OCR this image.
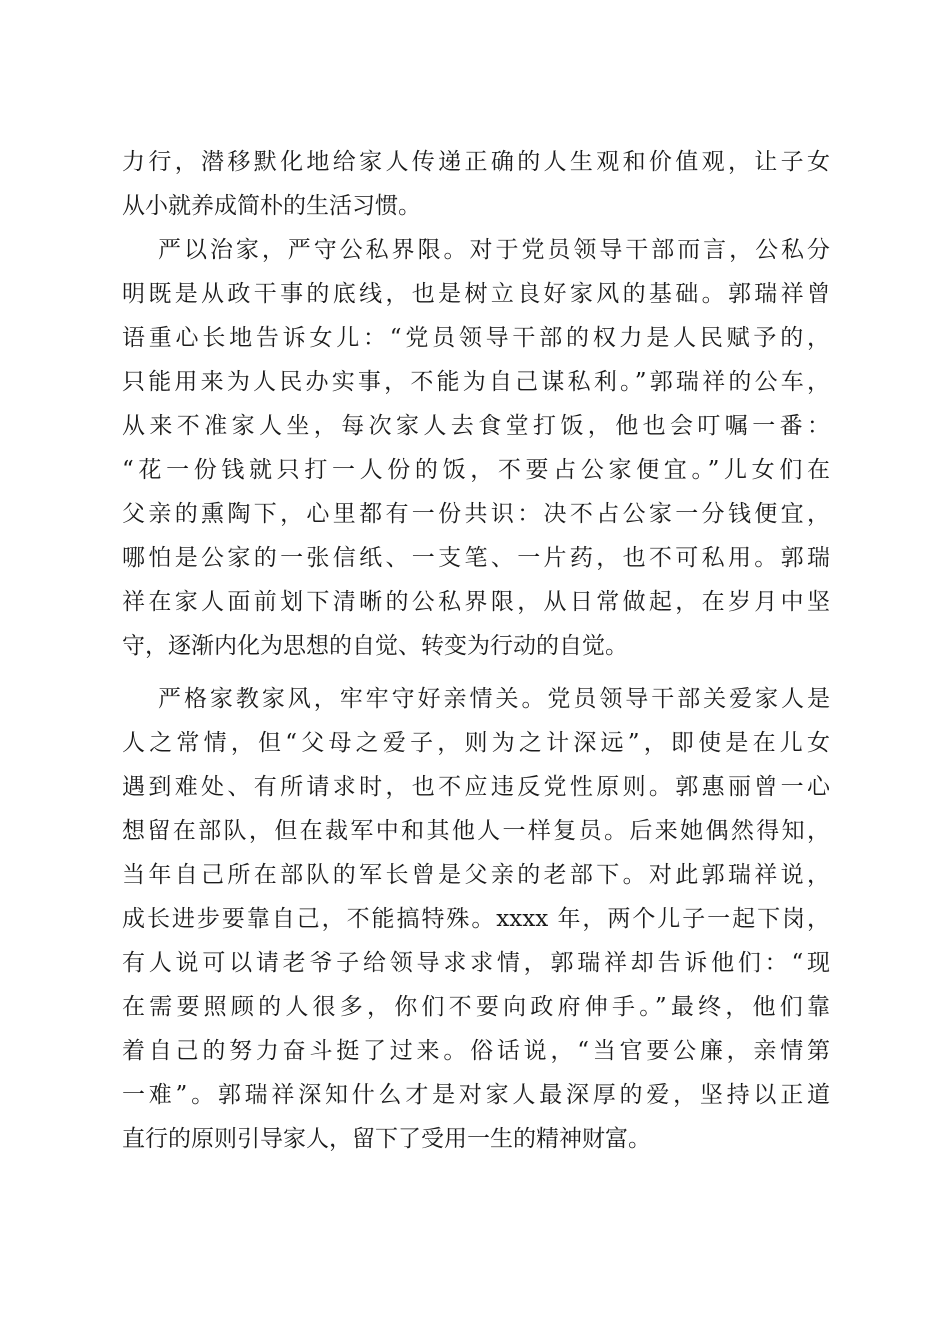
力行，潜移默化地给家人传递正确的人生观和价值观，让子女
从小就养成简朴的生活习惯。
严以治家，严守公私界限。对于党员领导干部而言，公私分
明既是从政干事的底线，也是树立良好家风的基础。郭瑞祥曾
语重心长地告诉女儿：“党员领导干部的权力是人民赋予的，
只能用来为人民办实事，不能为自己谋私利。”郭瑞祥的公车，
从来不准家人坐，每次家人去食堂打饭，他也会叮嘱一番：
“花一份钱就只打一人份的饭，不要占公家便宜。”儿女们在
父亲的熏陶下，心里都有一份共识：决不占公家一分钱便宜，
哪怕是公家的一张信纸、一支笔、一片药，也不可私用。郭瑞
祥在家人面前划下清晰的公私界限，从日常做起，在岁月中坚
守，逐渐内化为思想的自觉、转变为行动的自觉。
严格家教家风，牢牢守好亲情关。党员领导干部关爱家人是
人之常情，但“父母之爱子，则为之计深远”，即使是在儿女
遇到难处、有所请求时，也不应违反党性原则。郭惠丽曾一心
想留在部队，但在裁军中和其他人一样复员。后来她偶然得知，
当年自己所在部队的军长曾是父亲的老部下。对此郭瑞祥说，
成长进步要靠自己，不能搞特殊。xxxx 年，两个儿子一起下岗，
有人说可以请老爷子给领导求求情，郭瑞祥却告诉他们：“现
在需要照顾的人很多，你们不要向政府伸手。”最终，他们靠
着自己的努力奋斗挺了过来。俗话说，“当官要公廉，亲情第
一难”。郭瑞祥深知什么才是对家人最深厚的爱，坚持以正道
直行的原则引导家人，留下了受用一生的精神财富。
